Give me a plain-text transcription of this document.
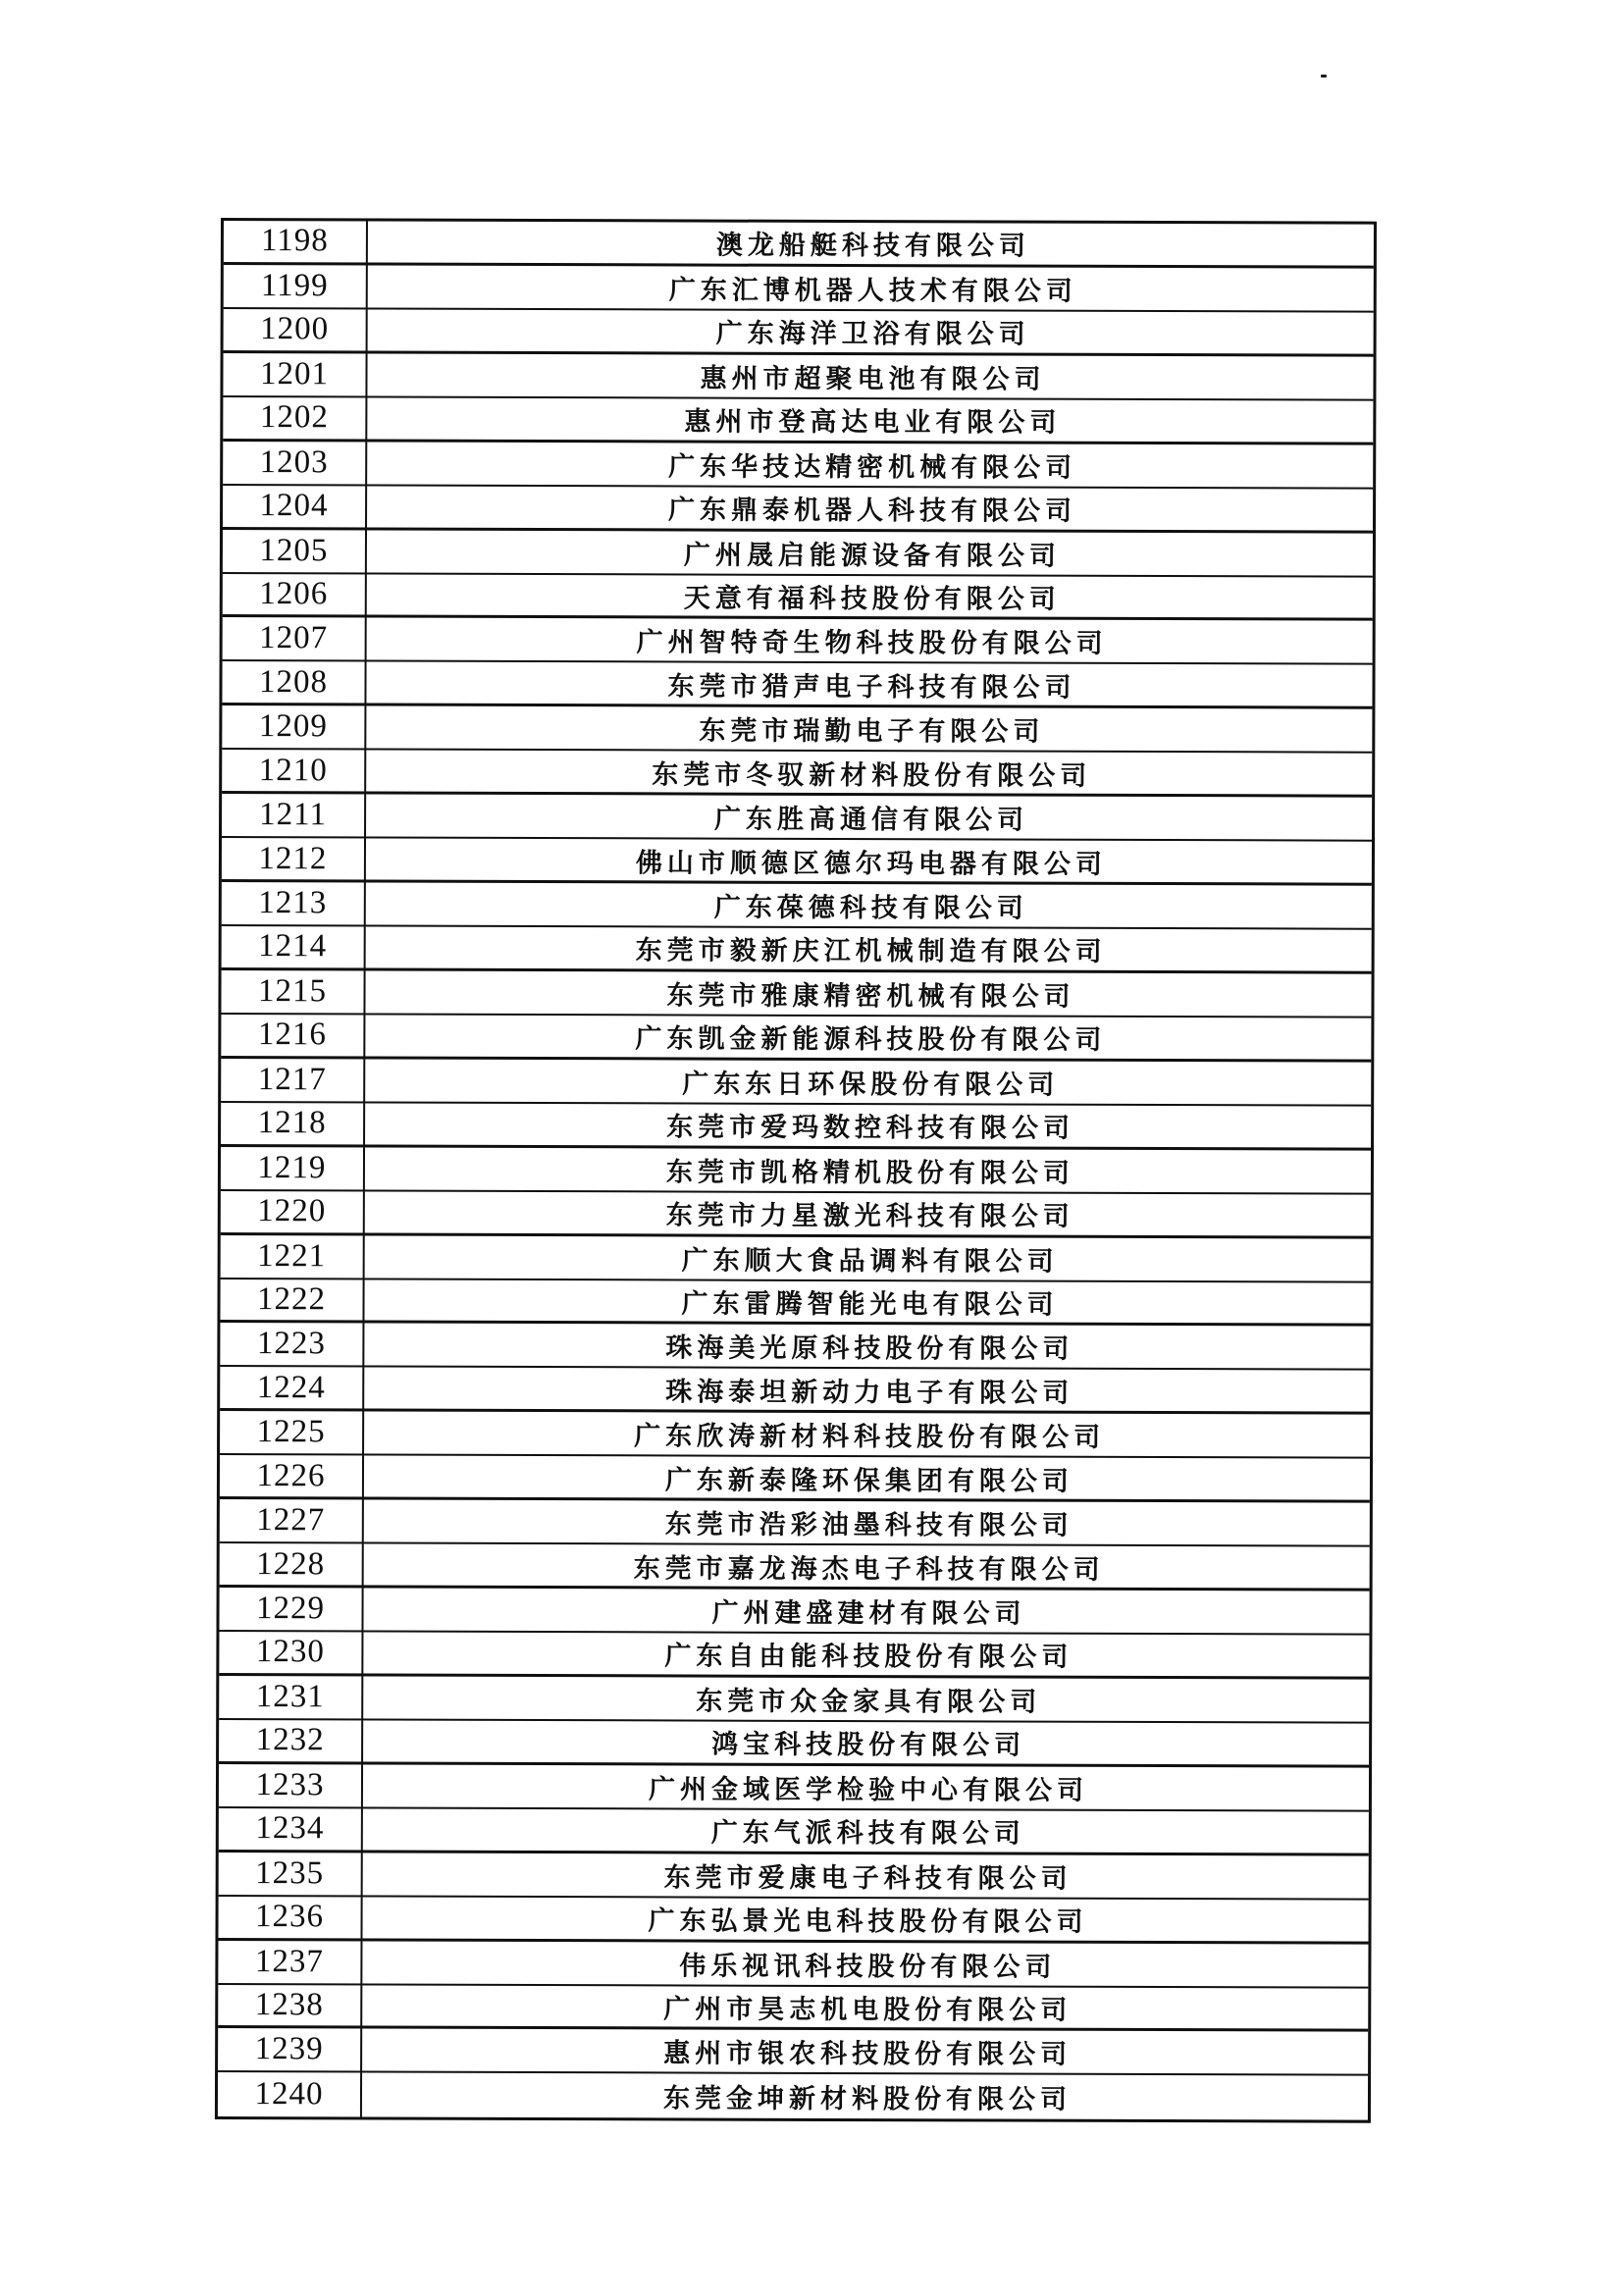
1198	澳龙船艇科技有限公司
1199	广东汇博机器人技术有限公司
1200	广东海洋卫浴有限公司
1201	惠州市超聚电池有限公司
1202	惠州市登高达电业有限公司
1203	广东华技达精密机械有限公司
1204	广东鼎泰机器人科技有限公司
1205	广州晟启能源设备有限公司
1206	天意有福科技股份有限公司
1207	广州智特奇生物科技股份有限公司
1208	东莞市猎声电子科技有限公司
1209	东莞市瑞勤电子有限公司
1210	东莞市冬驭新材料股份有限公司
1211	广东胜高通信有限公司
1212	佛山市顺德区德尔玛电器有限公司
1213	广东葆德科技有限公司
1214	东莞市毅新庆江机械制造有限公司
1215	东莞市雅康精密机械有限公司
1216	广东凯金新能源科技股份有限公司
1217	广东东日环保股份有限公司
1218	东莞市爱玛数控科技有限公司
1219	东莞市凯格精机股份有限公司
1220	东莞市力星激光科技有限公司
1221	广东顺大食品调料有限公司
1222	广东雷腾智能光电有限公司
1223	珠海美光原科技股份有限公司
1224	珠海泰坦新动力电子有限公司
1225	广东欣涛新材料科技股份有限公司
1226	广东新泰隆环保集团有限公司
1227	东莞市浩彩油墨科技有限公司
1228	东莞市嘉龙海杰电子科技有限公司
1229	广州建盛建材有限公司
1230	广东自由能科技股份有限公司
1231	东莞市众金家具有限公司
1232	鸿宝科技股份有限公司
1233	广州金域医学检验中心有限公司
1234	广东气派科技有限公司
1235	东莞市爱康电子科技有限公司
1236	广东弘景光电科技股份有限公司
1237	伟乐视讯科技股份有限公司
1238	广州市昊志机电股份有限公司
1239	惠州市银农科技股份有限公司
1240	东莞金坤新材料股份有限公司
